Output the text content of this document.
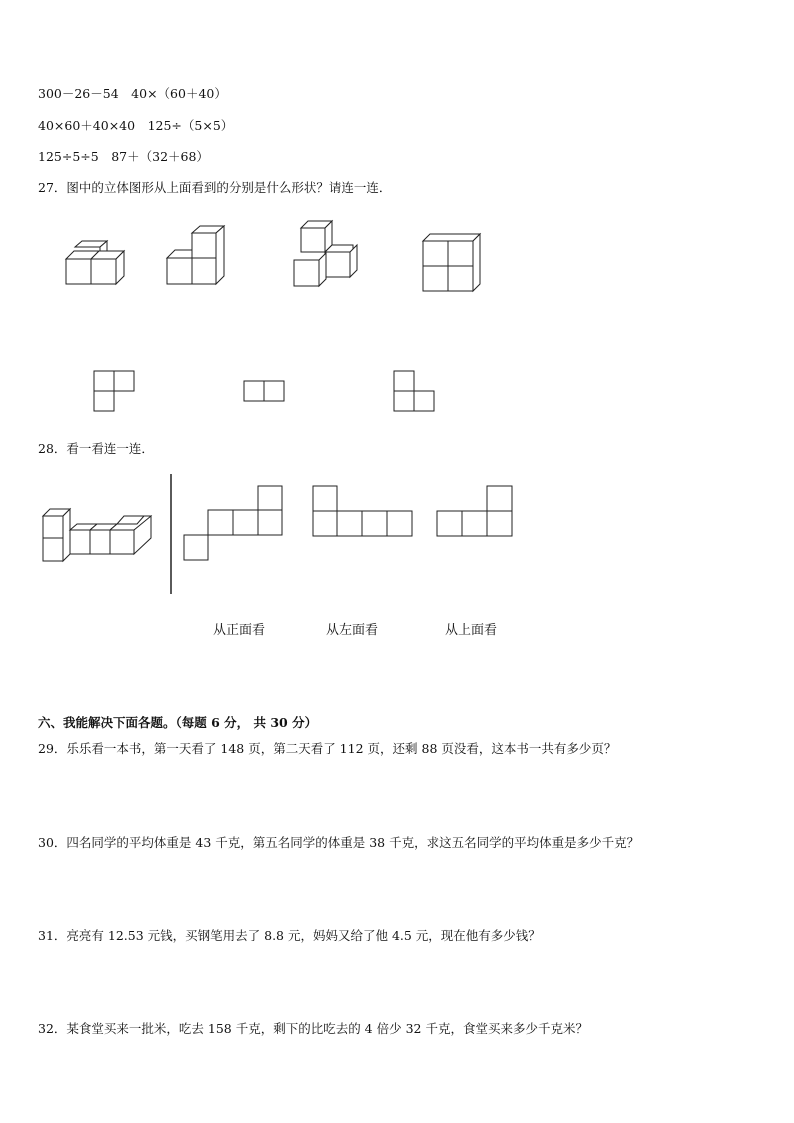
300－26－54　40×（60＋40）
40×60＋40×40　125÷（5×5）
125÷5÷5　87＋（32＋68）
27．图中的立体图形从上面看到的分别是什么形状？请连一连．
28．看一看连一连．
从正面看	从左面看	从上面看
六、我能解决下面各题。（每题 6 分， 共 30 分）
29．乐乐看一本书，第一天看了 148 页，第二天看了 112 页，还剩 88 页没看，这本书一共有多少页？
30．四名同学的平均体重是 43 千克，第五名同学的体重是 38 千克，求这五名同学的平均体重是多少千克？
31．亮亮有 12.53 元钱，买钢笔用去了 8.8 元，妈妈又给了他 4.5 元，现在他有多少钱？
32．某食堂买来一批米，吃去 158 千克，剩下的比吃去的 4 倍少 32 千克，食堂买来多少千克米？
